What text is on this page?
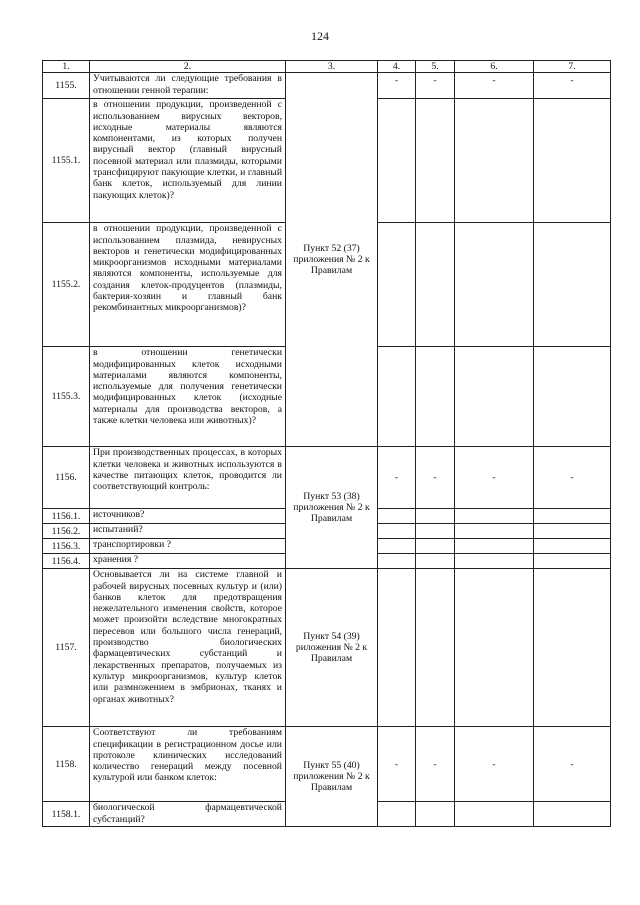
124
1.	2.	3.	4.	5.	6.	7.
1155.	Учитываются ли следующие требования в отношении генной терапии:	Пункт 52 (37) приложения № 2 к Правилам	-	-	-	-
1155.1.	в отношении продукции, произведенной с использованием вирусных векторов, исходные материалы являются компонентами, из которых получен вирусный вектор (главный вирусный посевной материал или плазмиды, которыми трансфицируют пакующие клетки, и главный банк клеток, используемый для линии пакующих клеток)?					
1155.2.	в отношении продукции, произведенной с использованием плазмида, невирусных векторов и генетически модифицированных микроорганизмов исходными материалами являются компоненты, используемые для создания клеток-продуцентов (плазмиды, бактерия-хозяин и главный банк рекомбинантных микроорганизмов)?					
1155.3.	в отношении генетически модифицированных клеток исходными материалами являются компоненты, используемые для получения генетически модифицированных клеток (исходные материалы для производства векторов, а также клетки человека или животных)?					
1156.	При производственных процессах, в которых клетки человека и животных используются в качестве питающих клеток, проводится ли соответствующий контроль:	Пункт 53 (38) приложения № 2 к Правилам	-	-	-	-
1156.1.	источников?					
1156.2.	испытаний?					
1156.3.	транспортировки ?					
1156.4.	хранения ?					
1157.	Основывается ли на системе главной и рабочей вирусных посевных культур и (или) банков клеток для предотвращения нежелательного изменения свойств, которое может произойти вследствие многократных пересевов или большого числа генераций, производство биологических фармацевтических субстанций и лекарственных препаратов, получаемых из культур микроорганизмов, культур клеток или размножением в эмбрионах, тканях и органах животных?	Пункт 54 (39) риложения № 2 к Правилам				
1158.	Соответствуют ли требованиям спецификации в регистрационном досье или протоколе клинических исследований количество генераций между посевной культурой или банком клеток:	Пункт 55 (40) приложения № 2 к Правилам	-	-	-	-
1158.1.	биологической фармацевтической субстанций?					
